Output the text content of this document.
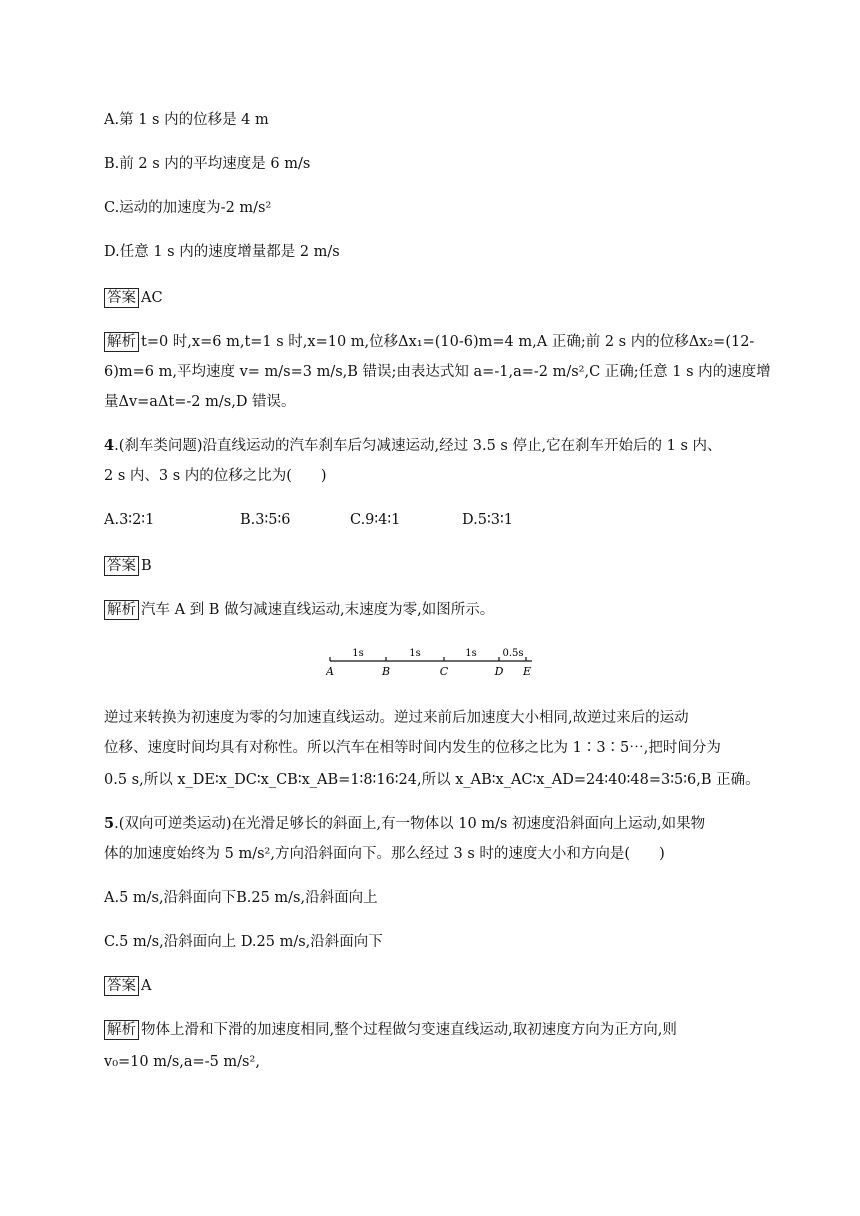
A.第 1 s 内的位移是 4 m
B.前 2 s 内的平均速度是 6 m/s
C.运动的加速度为-2 m/s²
D.任意 1 s 内的速度增量都是 2 m/s
答案 AC
解析 t=0 时,x=6 m,t=1 s 时,x=10 m,位移Δx₁=(10-6)m=4 m,A 正确;前 2 s 内的位移Δx₂=(12-
6)m=6 m,平均速度 v= m/s=3 m/s,B 错误;由表达式知 a=-1,a=-2 m/s²,C 正确;任意 1 s 内的速度增
量Δv=aΔt=-2 m/s,D 错误。
4.(刹车类问题)沿直线运动的汽车刹车后匀减速运动,经过 3.5 s 停止,它在刹车开始后的 1 s 内、
2 s 内、3 s 内的位移之比为(　　)
A.3∶2∶1	B.3∶5∶6	C.9∶4∶1	D.5∶3∶1
答案 B
解析 汽车 A 到 B 做匀减速直线运动,末速度为零,如图所示。
1s	1s	1s	0.5s
A	B	C	D E
逆过来转换为初速度为零的匀加速直线运动。逆过来前后加速度大小相同,故逆过来后的运动
位移、速度时间均具有对称性。所以汽车在相等时间内发生的位移之比为 1∶3∶5⋯,把时间分为
0.5 s,所以 x_DE∶x_DC∶x_CB∶x_AB=1∶8∶16∶24,所以 x_AB∶x_AC∶x_AD=24∶40∶48=3∶5∶6,B 正确。
5.(双向可逆类运动)在光滑足够长的斜面上,有一物体以 10 m/s 初速度沿斜面向上运动,如果物
体的加速度始终为 5 m/s²,方向沿斜面向下。那么经过 3 s 时的速度大小和方向是(　　)
A.5 m/s,沿斜面向下B.25 m/s,沿斜面向上
C.5 m/s,沿斜面向上 D.25 m/s,沿斜面向下
答案 A
解析 物体上滑和下滑的加速度相同,整个过程做匀变速直线运动,取初速度方向为正方向,则
v₀=10 m/s,a=-5 m/s²,
